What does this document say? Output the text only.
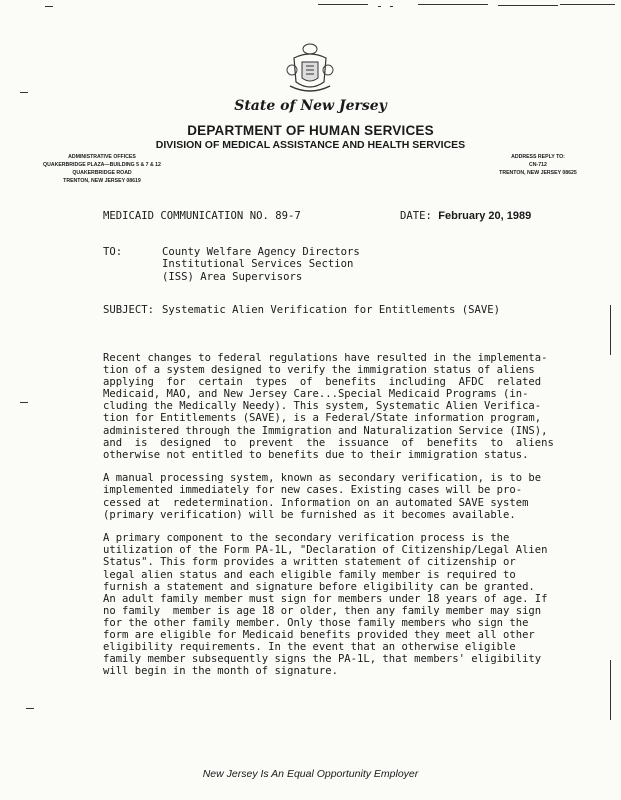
State of New Jersey
DEPARTMENT OF HUMAN SERVICES
DIVISION OF MEDICAL ASSISTANCE AND HEALTH SERVICES
ADMINISTRATIVE OFFICES
QUAKERBRIDGE PLAZA—BUILDING 5 & 7 & 12
QUAKERBRIDGE ROAD
TRENTON, NEW JERSEY 08619
ADDRESS REPLY TO:
CN-712
TRENTON, NEW JERSEY 08625
MEDICAID COMMUNICATION NO. 89-7	DATE: February 20, 1989
TO:	County Welfare Agency Directors
Institutional Services Section
(ISS) Area Supervisors
SUBJECT: Systematic Alien Verification for Entitlements (SAVE)
Recent changes to federal regulations have resulted in the implementa-
tion of a system designed to verify the immigration status of aliens
applying  for  certain  types  of  benefits  including  AFDC  related
Medicaid, MAO, and New Jersey Care...Special Medicaid Programs (in-
cluding the Medically Needy). This system, Systematic Alien Verifica-
tion for Entitlements (SAVE), is a Federal/State information program,
administered through the Immigration and Naturalization Service (INS),
and  is  designed  to  prevent  the  issuance  of  benefits  to  aliens
otherwise not entitled to benefits due to their immigration status.
A manual processing system, known as secondary verification, is to be
implemented immediately for new cases. Existing cases will be pro-
cessed at  redetermination. Information on an automated SAVE system
(primary verification) will be furnished as it becomes available.
A primary component to the secondary verification process is the
utilization of the Form PA-1L, "Declaration of Citizenship/Legal Alien
Status". This form provides a written statement of citizenship or
legal alien status and each eligible family member is required to
furnish a statement and signature before eligibility can be granted.
An adult family member must sign for members under 18 years of age. If
no family  member is age 18 or older, then any family member may sign
for the other family member. Only those family members who sign the
form are eligible for Medicaid benefits provided they meet all other
eligibility requirements. In the event that an otherwise eligible
family member subsequently signs the PA-1L, that members' eligibility
will begin in the month of signature.
New Jersey Is An Equal Opportunity Employer
